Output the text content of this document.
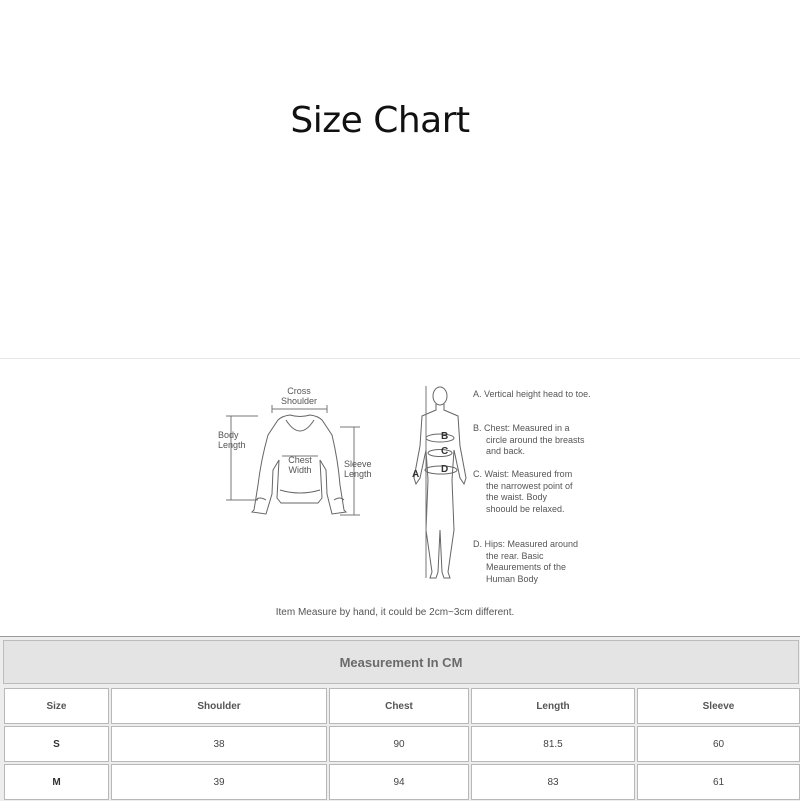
Size Chart
Cross
Shoulder
Body
Length
Chest
Width
Sleeve
Length	A
B
C
D
A. Vertical height head to toe.
B. Chest: Measured in a circle around the breasts and back.
C. Waist: Measured from the narrowest point of the waist. Body shoould be relaxed.
D. Hips: Measured around the rear. Basic Meaurements of the Human Body
Item Measure by hand, it could be 2cm~3cm different.
Measurement In CM
Size	Shoulder	Chest	Length	Sleeve
S	38	90	81.5	60
M	39	94	83	61
